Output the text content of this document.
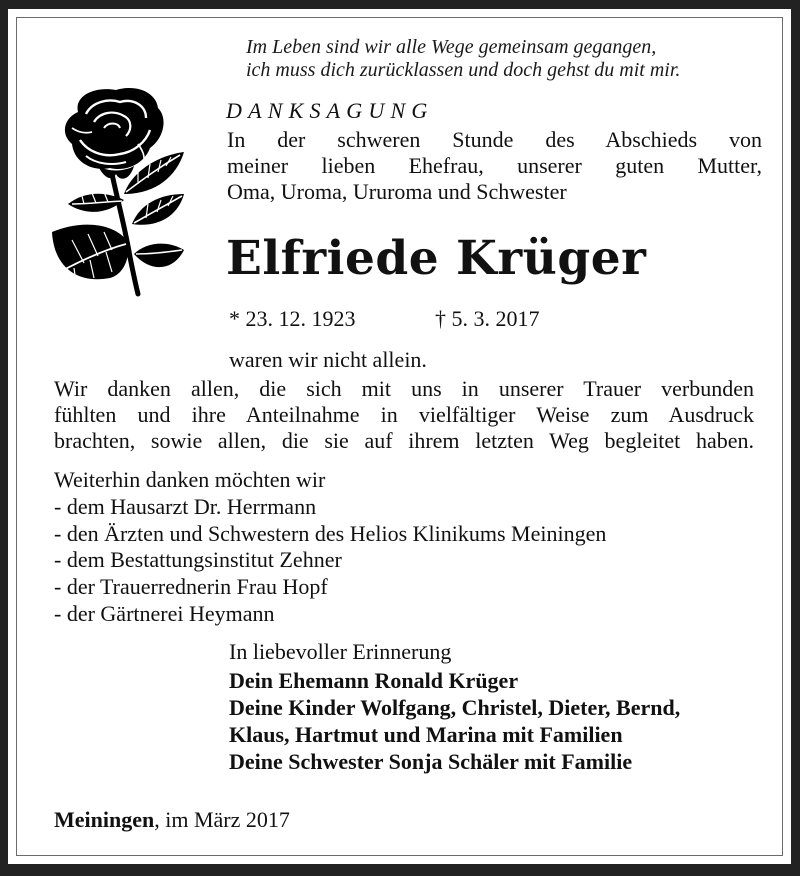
Im Leben sind wir alle Wege gemeinsam gegangen,
ich muss dich zurücklassen und doch gehst du mit mir.
DANKSAGUNG
In der schweren Stunde des Abschieds von
meiner lieben Ehefrau, unserer guten Mutter,
Oma, Uroma, Ururoma und Schwester
Elfriede Krüger
* 23. 12. 1923	† 5. 3. 2017
waren wir nicht allein.
Wir danken allen, die sich mit uns in unserer Trauer verbunden
fühlten und ihre Anteilnahme in vielfältiger Weise zum Ausdruck
brachten, sowie allen, die sie auf ihrem letzten Weg begleitet haben.
Weiterhin danken möchten wir
- dem Hausarzt Dr. Herrmann
- den Ärzten und Schwestern des Helios Klinikums Meiningen
- dem Bestattungsinstitut Zehner
- der Trauerrednerin Frau Hopf
- der Gärtnerei Heymann
In liebevoller Erinnerung
Dein Ehemann Ronald Krüger
Deine Kinder Wolfgang, Christel, Dieter, Bernd,
Klaus, Hartmut und Marina mit Familien
Deine Schwester Sonja Schäler mit Familie
Meiningen, im März 2017
